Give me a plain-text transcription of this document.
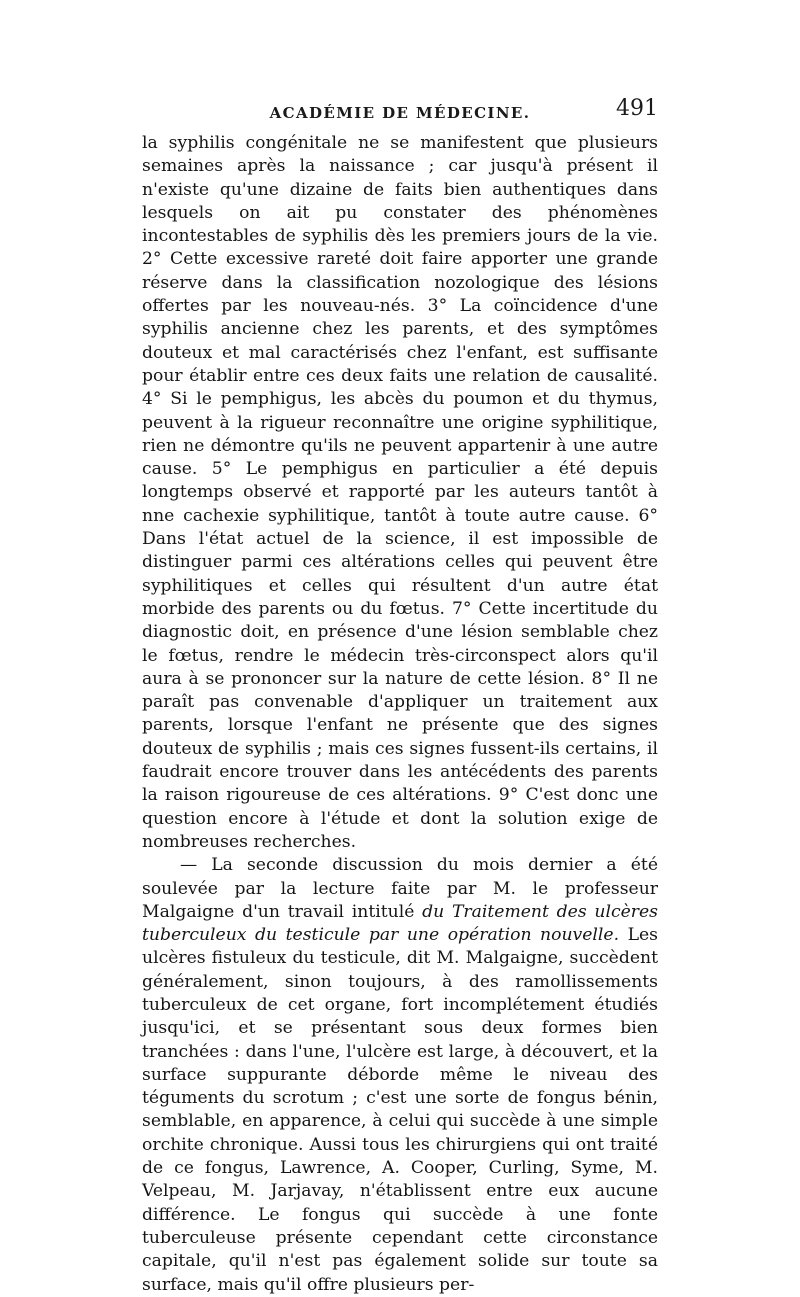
ACADÉMIE DE MÉDECINE.	491

la syphilis congénitale ne se manifestent que plusieurs semaines après la naissance ; car jusqu'à présent il n'existe qu'une dizaine de faits bien authentiques dans lesquels on ait pu constater des phénomènes incontestables de syphilis dès les premiers jours de la vie. 2° Cette excessive rareté doit faire apporter une grande réserve dans la classification nozologique des lésions offertes par les nouveau-nés. 3° La coïncidence d'une syphilis ancienne chez les parents, et des symptômes douteux et mal caractérisés chez l'enfant, est suffisante pour établir entre ces deux faits une relation de causalité. 4° Si le pemphigus, les abcès du poumon et du thymus, peuvent à la rigueur reconnaître une origine syphilitique, rien ne démontre qu'ils ne peuvent appartenir à une autre cause. 5° Le pemphigus en particulier a été depuis longtemps observé et rapporté par les auteurs tantôt à nne cachexie syphilitique, tantôt à toute autre cause. 6° Dans l'état actuel de la science, il est impossible de distinguer parmi ces altérations celles qui peuvent être syphilitiques et celles qui résultent d'un autre état morbide des parents ou du fœtus. 7° Cette incertitude du diagnostic doit, en présence d'une lésion semblable chez le fœtus, rendre le médecin très-circonspect alors qu'il aura à se prononcer sur la nature de cette lésion. 8° Il ne paraît pas convenable d'appliquer un traitement aux parents, lorsque l'enfant ne présente que des signes douteux de syphilis ; mais ces signes fussent-ils certains, il faudrait encore trouver dans les antécédents des parents la raison rigoureuse de ces altérations. 9° C'est donc une question encore à l'étude et dont la solution exige de nombreuses recherches.

— La seconde discussion du mois dernier a été soulevée par la lecture faite par M. le professeur Malgaigne d'un travail intitulé du Traitement des ulcères tuberculeux du testicule par une opération nouvelle. Les ulcères fistuleux du testicule, dit M. Malgaigne, succèdent généralement, sinon toujours, à des ramollissements tuberculeux de cet organe, fort incomplétement étudiés jusqu'ici, et se présentant sous deux formes bien tranchées : dans l'une, l'ulcère est large, à découvert, et la surface suppurante déborde même le niveau des téguments du scrotum ; c'est une sorte de fongus bénin, semblable, en apparence, à celui qui succède à une simple orchite chronique. Aussi tous les chirurgiens qui ont traité de ce fongus, Lawrence, A. Cooper, Curling, Syme, M. Velpeau, M. Jarjavay, n'établissent entre eux aucune différence. Le fongus qui succède à une fonte tuberculeuse présente cependant cette circonstance capitale, qu'il n'est pas également solide sur toute sa surface, mais qu'il offre plusieurs per-
